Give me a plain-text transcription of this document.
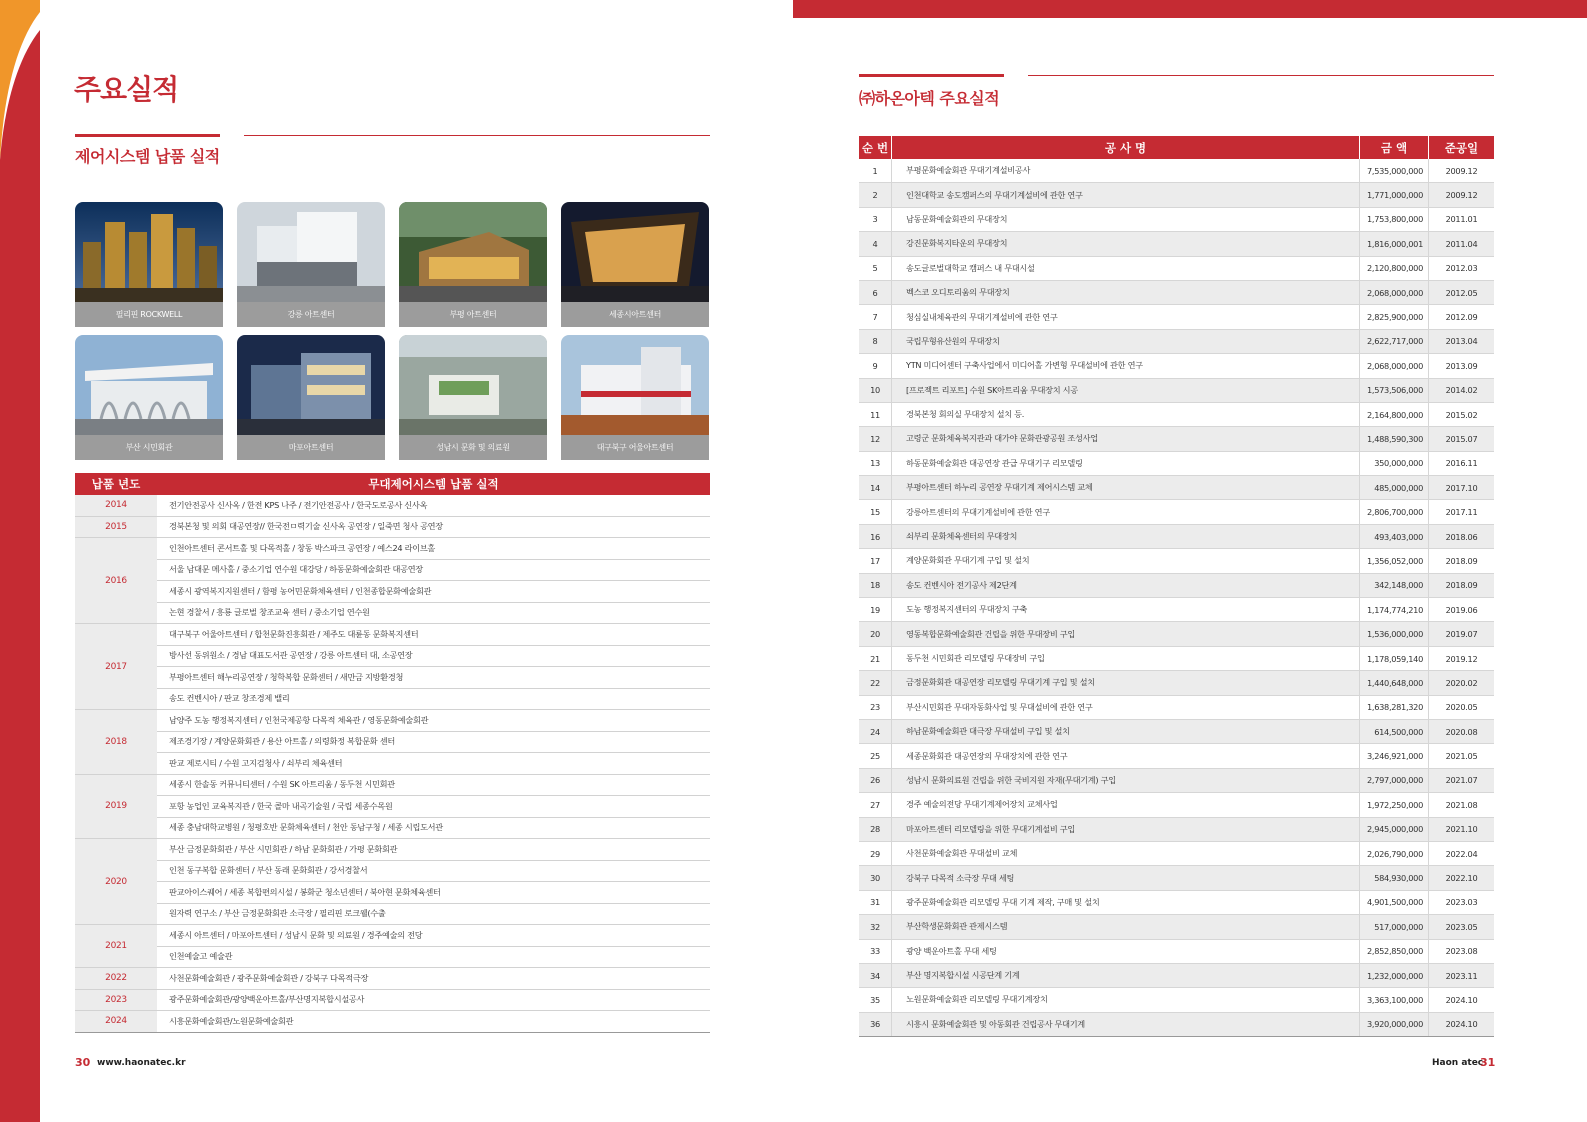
주요실적
제어시스템 납품 실적
필리핀 ROCKWELL	강릉 아트센터	부평 아트센터	세종시아트센터
부산 시민회관	마포아트센터	성남시 문화 및 의료원	대구북구 어울아트센터
납품 년도	무대제어시스템 납품 실적
2014	전기안전공사 신사옥 / 한전 KPS 나주 / 전기안전공사 / 한국도로공사 신사옥
2015	경북본청 및 의회 대공연장// 한국전ㅁ력기술 신사옥 공연장 / 일죽면 청사 공연장
2016	인천아트센터 콘서트홀 및 다목적홀 / 창동 박스파크 공연장 / 예스24 라이브홀
	서울 남대문 메사홀 / 중소기업 연수원 대강당 / 하동문화예술회관 대공연장
	세종시 광역복지지원센터 / 함평 농어민문화체육센터 / 인천종합문화예술회관
	논현 경찰서 / 흥룡 글로벌 창조교육 센터 / 중소기업 연수원
2017	대구북구 어울아트센터 / 합천문화진흥회관 / 제주도 대륜동 문화복지센터
	방사선 동위원소 / 경남 대표도서관 공연장 / 강릉 아트센터 대, 소공연장
	부평아트센터 해누리공연장 / 청학복합 문화센터 / 새만금 지방환경청
	송도 컨벤시아 / 판교 창조경제 밸리
2018	남양주 도농 행정복지센터 / 인천국제공항 다목적 체육관 / 영동문화예술회관
	제조경기장 / 계양문화회관 / 용산 아트홀 / 의령화정 복합문화 센터
	판교 제로시티 / 수원 고지검청사 / 쇠부리 체육센터
2019	세종시 한솔동 커뮤니티센터 / 수원 SK 아트리움 / 동두천 시민회관
	포항 농업인 교육복지관 / 한국 콜마 내곡기술원 / 국립 세종수목원
	세종 충남대학교병원 / 청평호반 문화체육센터 / 천안 동남구청 / 세종 시립도서관
2020	부산 금정문화회관 / 부산 시민회관 / 하남 문화회관 / 가평 문화회관
	인천 동구복합 문화센터 / 부산 동래 문화회관 / 강서경찰서
	판교아이스퀘어 / 세종 복합편의시설 / 봉화군 청소년센터 / 북아현 문화체육센터
	원자력 연구소 / 부산 금정문화회관 소극장 / 필리핀 로크웰(수출
2021	세종시 아트센터 / 마포아트센터 / 성남시 문화 및 의료원 / 경주예술의 전당
	인천예술고 예술관
2022	사천문화예술회관 / 광주문화예술회관 / 강북구 다목적극장
2023	광주문화예술회관/광양백운아트홀/부산명지복합시설공사
2024	시흥문화예술회관/노원문화예술회관
30 www.haonatec.kr
㈜하온아텍 주요실적
순 번	공 사 명	금 액	준공일
1	부평문화예술회관 무대기계설비공사	7,535,000,000	2009.12
2	인천대학교 송도캠퍼스의 무대기계설비에 관한 연구	1,771,000,000	2009.12
3	남동문화예술회관의 무대장치	1,753,800,000	2011.01
4	강진문화복지타운의 무대장치	1,816,000,001	2011.04
5	송도글로벌대학교 캠퍼스 내 무대시설	2,120,800,000	2012.03
6	벡스코 오디토리움의 무대장치	2,068,000,000	2012.05
7	청심실내체육관의 무대기계설비에 관한 연구	2,825,900,000	2012.09
8	국립무형유산원의 무대장치	2,622,717,000	2013.04
9	YTN 미디어센터 구축사업에서 미디어홀 가변형 무대설비에 관한 연구	2,068,000,000	2013.09
10	[프로젝트 리포트] 수원 SK아트리움 무대장치 시공	1,573,506,000	2014.02
11	경북본청 회의실 무대장치 설치 등.	2,164,800,000	2015.02
12	고령군 문화체육복지관과 대가야 문화관광공원 조성사업	1,488,590,300	2015.07
13	하동문화예술회관 대공연장 관급 무대기구 리모델링	350,000,000	2016.11
14	부평아트센터 하누리 공연장 무대기계 제어시스템 교체	485,000,000	2017.10
15	강릉아트센터의 무대기계설비에 관한 연구	2,806,700,000	2017.11
16	쇠부리 문화체육센터의 무대장치	493,403,000	2018.06
17	계양문화회관 무대기계 구입 및 설치	1,356,052,000	2018.09
18	송도 컨벤시아 전기공사 제2단계	342,148,000	2018.09
19	도농 행정복지센터의 무대장치 구축	1,174,774,210	2019.06
20	영동복합문화예술회관 건립을 위한 무대장비 구입	1,536,000,000	2019.07
21	동두천 시민회관 리모델링 무대장비 구입	1,178,059,140	2019.12
22	금정문화회관 대공연장 리모델링 무대기계 구입 및 설치	1,440,648,000	2020.02
23	부산시민회관 무대자동화사업 및 무대설비에 관한 연구	1,638,281,320	2020.05
24	하남문화예술회관 대극장 무대설비 구입 및 설치	614,500,000	2020.08
25	세종문화회관 대공연장의 무대장치에 관한 연구	3,246,921,000	2021.05
26	성남시 문화의료원 건립을 위한 국비지원 자재(무대기계) 구입	2,797,000,000	2021.07
27	경주 예술의전당 무대기계제어장치 교체사업	1,972,250,000	2021.08
28	마포아트센터 리모델링을 위한 무대기계설비 구입	2,945,000,000	2021.10
29	사천문화예술회관 무대설비 교체	2,026,790,000	2022.04
30	강북구 다목적 소극장 무대 세팅	584,930,000	2022.10
31	광주문화예술회관 리모델링 무대 기계 제작, 구매 및 설치	4,901,500,000	2023.03
32	부산학생문화회관 관제시스템	517,000,000	2023.05
33	광양 백운아트홀 무대 세팅	2,852,850,000	2023.08
34	부산 명지복합시설 시공단계 기계	1,232,000,000	2023.11
35	노원문화예술회관 리모델링 무대기계장치	3,363,100,000	2024.10
36	시흥시 문화예술회관 및 아동회관 건립공사 무대기계	3,920,000,000	2024.10
Haon atec
31
